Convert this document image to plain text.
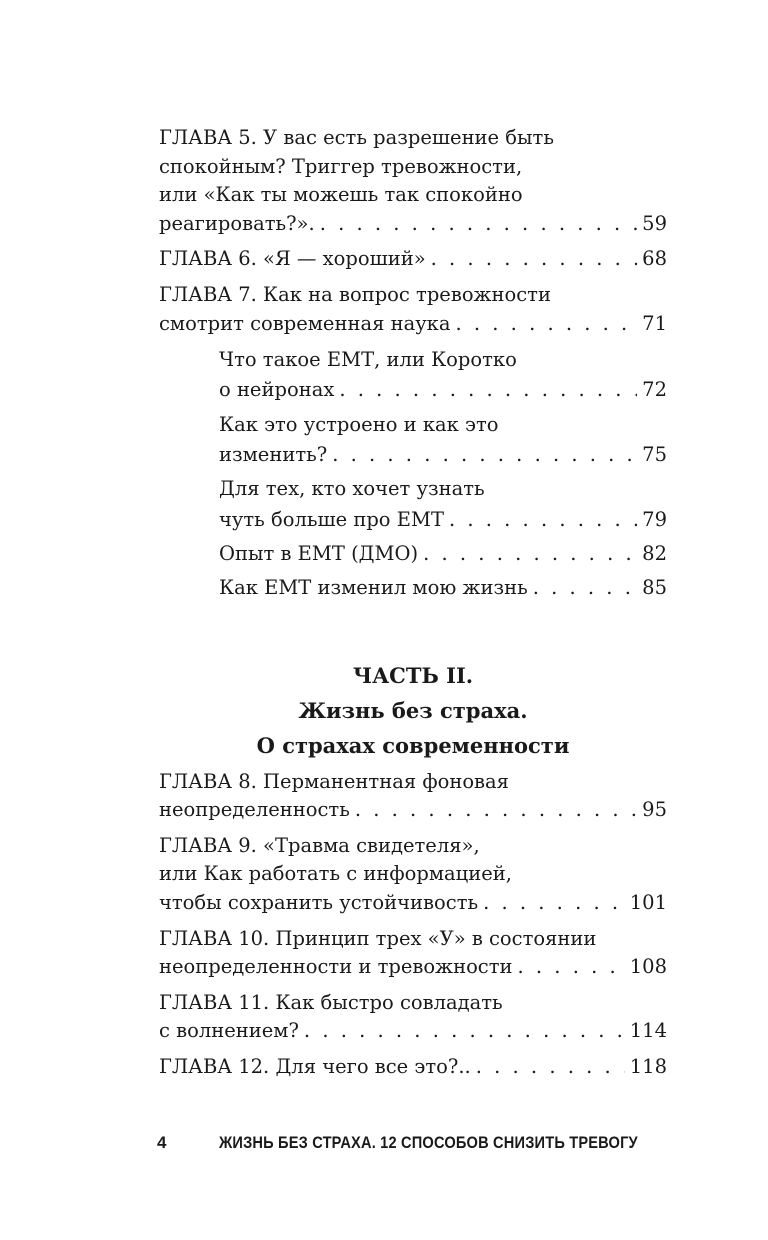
ГЛАВА 5. У вас есть разрешение быть
спокойным? Триггер тревожности,
или «Как ты можешь так спокойно
реагировать?». . . .	59
ГЛАВА 6. «Я — хороший» . . .	68
ГЛАВА 7. Как на вопрос тревожности
смотрит современная наука . . .	71
Что такое ЕМТ, или Коротко
о нейронах . . .	72
Как это устроено и как это
изменить? . . .	75
Для тех, кто хочет узнать
чуть больше про ЕМТ . . .	79
Опыт в ЕМТ (ДМО) . . .	82
Как ЕМТ изменил мою жизнь . . .	85
ЧАСТЬ II.
Жизнь без страха.
О страхах современности
ГЛАВА 8. Перманентная фоновая
неопределенность . . .	95
ГЛАВА 9. «Травма свидетеля»,
или Как работать с информацией,
чтобы сохранить устойчивость . . .	101
ГЛАВА 10. Принцип трех «У» в состоянии
неопределенности и тревожности . . .	108
ГЛАВА 11. Как быстро совладать
с волнением? . . .	114
ГЛАВА 12. Для чего все это?.. . . .	118
4	ЖИЗНЬ БЕЗ СТРАХА. 12 СПОСОБОВ СНИЗИТЬ ТРЕВОГУ
